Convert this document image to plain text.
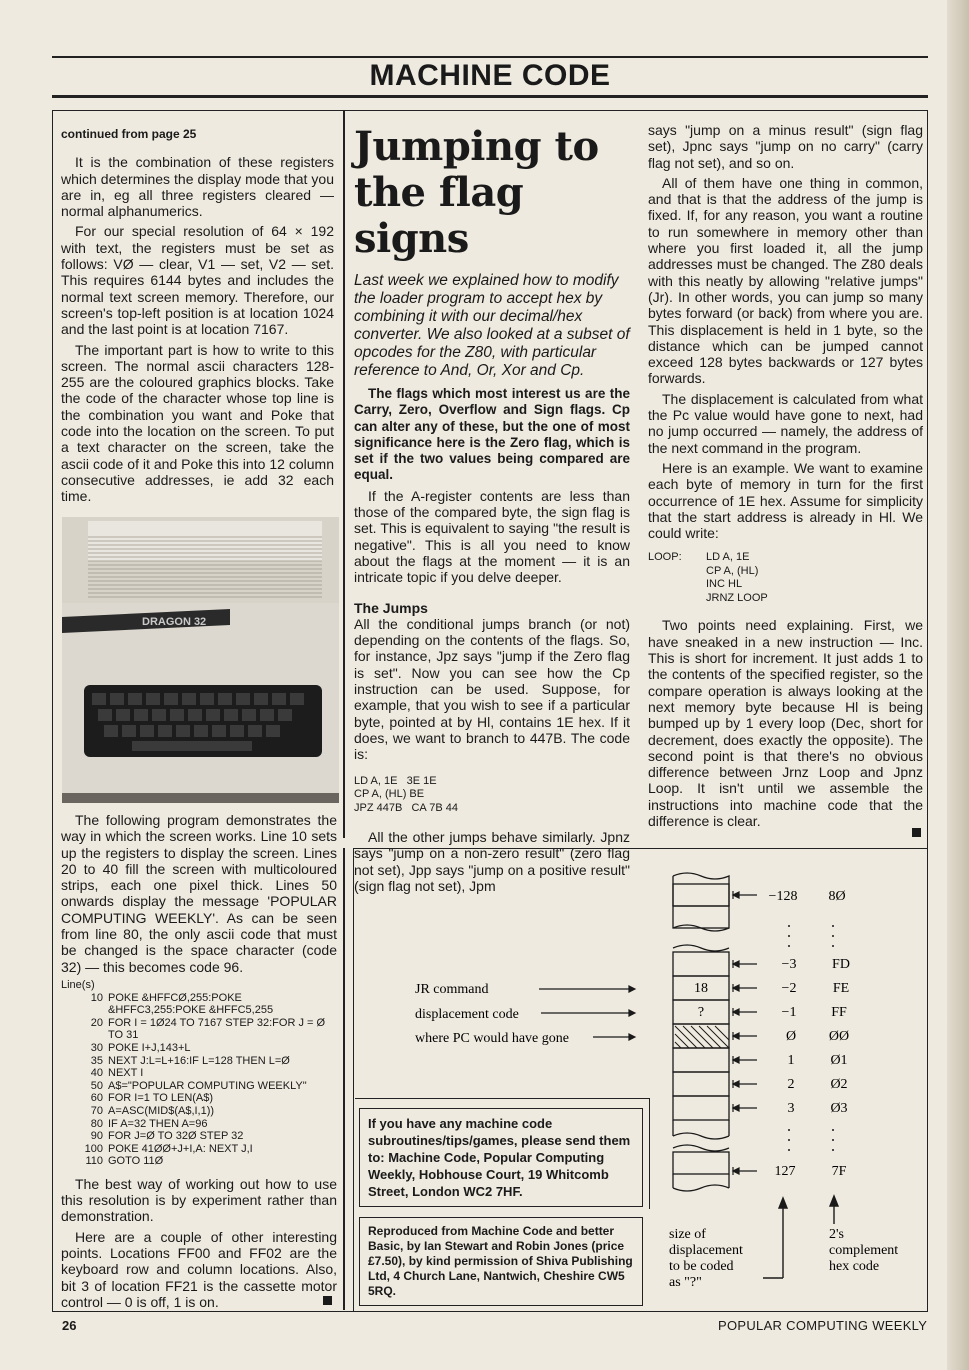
MACHINE CODE
continued from page 25

It is the combination of these registers which determines the display mode that you are in, eg all three registers cleared — normal alphanumerics.

For our special resolution of 64 × 192 with text, the registers must be set as follows: VØ — clear, V1 — set, V2 — set. This requires 6144 bytes and includes the normal text screen memory. Therefore, our screen's top-left position is at location 1024 and the last point is at location 7167.

The important part is how to write to this screen. The normal ascii characters 128-255 are the coloured graphics blocks. Take the code of the character whose top line is the combination you want and Poke that code into the location on the screen. To put a text character on the screen, take the ascii code of it and Poke this into 12 column consecutive addresses, ie add 32 each time.

DRAGON 32

The following program demonstrates the way in which the screen works. Line 10 sets up the registers to display the screen. Lines 20 to 40 fill the screen with multicoloured strips, each one pixel thick. Lines 50 onwards display the message 'POPULAR COMPUTING WEEKLY'. As can be seen from line 80, the only ascii code that must be changed is the space character (code 32) — this becomes code 96.

Line(s)
10 POKE &HFFCØ,255:POKE &HFFC3,255:POKE &HFFC5,255
20 FOR I = 1Ø24 TO 7167 STEP 32:FOR J = Ø TO 31
30 POKE I+J,143+L
35 NEXT J:L=L+16:IF L=128 THEN L=Ø
40 NEXT I
50 A$="POPULAR COMPUTING WEEKLY"
60 FOR I=1 TO LEN(A$)
70 A=ASC(MID$(A$,I,1))
80 IF A=32 THEN A=96
90 FOR J=Ø TO 32Ø STEP 32
100 POKE 41ØØ+J+I,A: NEXT J,I
110 GOTO 11Ø

The best way of working out how to use this resolution is by experiment rather than demonstration.

Here are a couple of other interesting points. Locations FF00 and FF02 are the keyboard row and column locations. Also, bit 3 of location FF21 is the cassette motor control — 0 is off, 1 is on.

Jumping to
the flag signs
Last week we explained how to modify the loader program to accept hex by combining it with our decimal/hex converter. We also looked at a subset of opcodes for the Z80, with particular reference to And, Or, Xor and Cp.

The flags which most interest us are the Carry, Zero, Overflow and Sign flags. Cp can alter any of these, but the one of most significance here is the Zero flag, which is set if the two values being compared are equal.

If the A-register contents are less than those of the compared byte, the sign flag is set. This is equivalent to saying "the result is negative". This is all you need to know about the flags at the moment — it is an intricate topic if you delve deeper.

The Jumps

All the conditional jumps branch (or not) depending on the contents of the flags. So, for instance, Jpz says "jump if the Zero flag is set". Now you can see how the Cp instruction can be used. Suppose, for example, that you wish to see if a particular byte, pointed at by Hl, contains 1E hex. If it does, we want to branch to 447B. The code is:

LD A, 1E   3E 1E
CP A, (HL) BE
JPZ 447B   CA 7B 44

All the other jumps behave similarly. Jpnz says "jump on a non-zero result" (zero flag not set), Jpp says "jump on a positive result" (sign flag not set), Jpm

says "jump on a minus result" (sign flag set), Jpnc says "jump on no carry" (carry flag not set), and so on.

All of them have one thing in common, and that is that the address of the jump is fixed. If, for any reason, you want a routine to run somewhere in memory other than where you first loaded it, all the jump addresses must be changed. The Z80 deals with this neatly by allowing "relative jumps" (Jr). In other words, you can jump so many bytes forward (or back) from where you are. This displacement is held in 1 byte, so the distance which can be jumped cannot exceed 128 bytes backwards or 127 bytes forwards.

The displacement is calculated from what the Pc value would have gone to next, had no jump occurred — namely, the address of the next command in the program.

Here is an example. We want to examine each byte of memory in turn for the first occurrence of 1E hex. Assume for simplicity that the start address is already in Hl. We could write:

LOOP:	LD A, 1E
CP A, (HL)
INC HL
JRNZ LOOP

Two points need explaining. First, we have sneaked in a new instruction — Inc. This is short for increment. It just adds 1 to the contents of the specified register, so the compare operation is always looking at the next memory byte because Hl is being bumped up by 1 every loop (Dec, short for decrement, does exactly the opposite). The second point is that there's no obvious difference between Jrnz Loop and Jpnz Loop. It isn't until we assemble the instructions into machine code that the difference is clear.

JR command
displacement code
where PC would have gone
18
?
−128
−3
−2
−1
Ø
1
2
3
127
8Ø
FD
FE
FF
ØØ
Ø1
Ø2
Ø3
7F
size of
displacement
to be coded
as "?"
2's
complement
hex code

If you have any machine code subroutines/tips/games, please send them to: Machine Code, Popular Computing Weekly, Hobhouse Court, 19 Whitcomb Street, London WC2 7HF.

Reproduced from Machine Code and better Basic, by Ian Stewart and Robin Jones (price £7.50), by kind permission of Shiva Publishing Ltd, 4 Church Lane, Nantwich, Cheshire CW5 5RQ.

26	POPULAR COMPUTING WEEKLY
